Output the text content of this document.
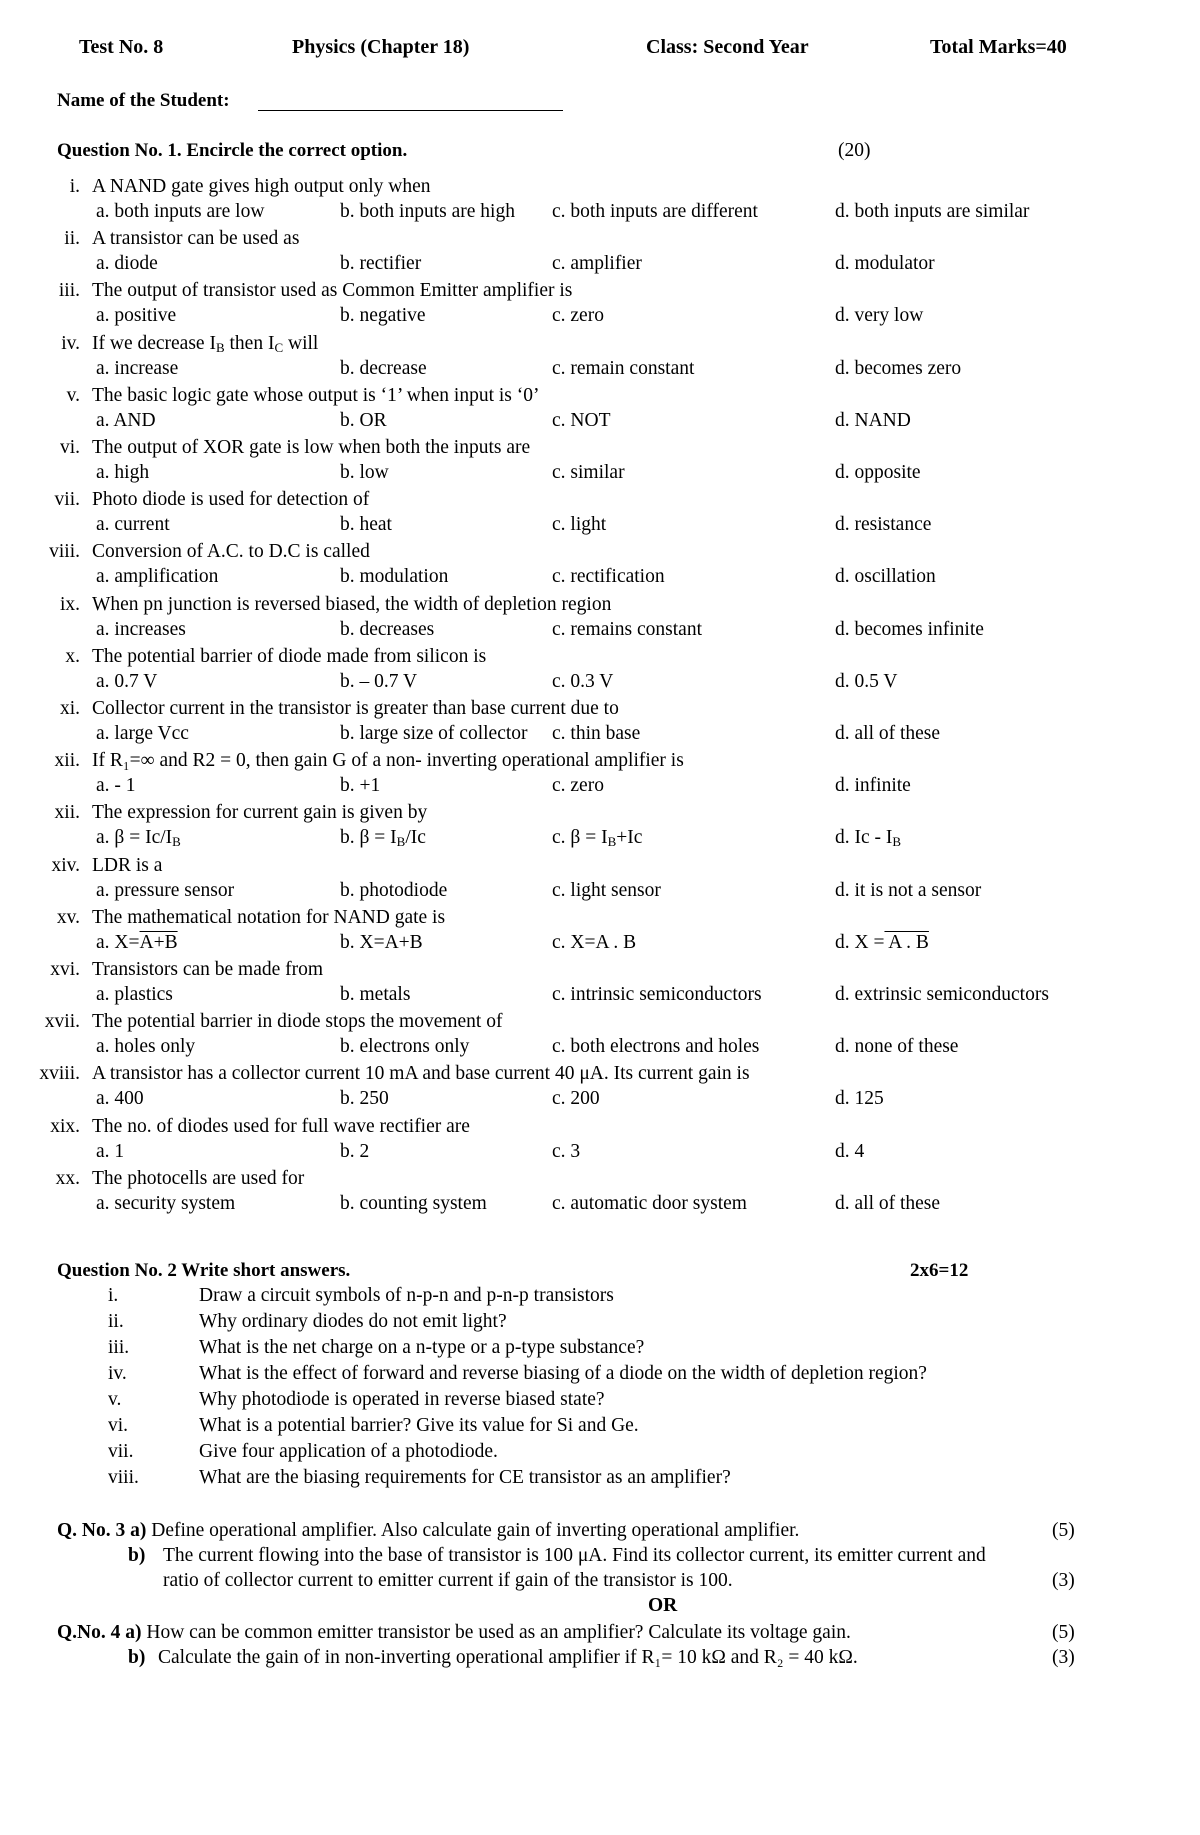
Test No. 8	Physics (Chapter 18)	Class: Second Year	Total Marks=40
Name of the Student:
Question No. 1. Encircle the correct option.	(20)
i. A NAND gate gives high output only when
a. both inputs are low	b. both inputs are high c. both inputs are different	d. both inputs are similar
ii. A transistor can be used as
a. diode	b. rectifier	c. amplifier	d. modulator
iii. The output of transistor used as Common Emitter amplifier is
a. positive	b. negative	c. zero	d. very low
iv. If we decrease $I_B$ then $I_C$ will
a. increase	b. decrease	c. remain constant	d. becomes zero
v. The basic logic gate whose output is ‘1’ when input is ‘0’
a. AND	b. OR	c. NOT	d. NAND
vi. The output of XOR gate is low when both the inputs are
a. high	b. low	c. similar	d. opposite
vii. Photo diode is used for detection of
a. current	b. heat	c. light	d. resistance
viii. Conversion of A.C. to D.C is called
a. amplification	b. modulation	c. rectification	d. oscillation
ix. When pn junction is reversed biased, the width of depletion region
a. increases	b. decreases	c. remains constant	d. becomes infinite
x. The potential barrier of diode made from silicon is
a. 0.7 V	b. – 0.7 V	c. 0.3 V	d. 0.5 V
xi. Collector current in the transistor is greater than base current due to
a. large Vcc	b. large size of collector c. thin base	d. all of these
xii. If R₁=∞ and R2 = 0, then gain G of a non- inverting operational amplifier is
a. - 1	b. +1	c. zero	d. infinite
xii. The expression for current gain is given by
a. $\beta = Ic/I_B$	b. $\beta = I_B/Ic$	c. $\beta = I_B+Ic$	d. Ic - $I_B$
xiv. LDR is a
a. pressure sensor	b. photodiode	c. light sensor	d. it is not a sensor
xv. The mathematical notation for NAND gate is
a. X=A+B	b. X=A+B	c. X=A . B	d. X = A . B
xvi. Transistors can be made from
a. plastics	b. metals	c. intrinsic semiconductors	d. extrinsic semiconductors
xvii. The potential barrier in diode stops the movement of
a. holes only	b. electrons only	c. both electrons and holes	d. none of these
xviii. A transistor has a collector current 10 mA and base current 40 μA. Its current gain is
a. 400	b. 250	c. 200	d. 125
xix. The no. of diodes used for full wave rectifier are
a. 1	b. 2	c. 3	d. 4
xx. The photocells are used for
a. security system	b. counting system	c. automatic door system	d. all of these
Question No. 2 Write short answers.	2x6=12
i.	Draw a circuit symbols of n-p-n and p-n-p transistors
ii.	Why ordinary diodes do not emit light?
iii.	What is the net charge on a n-type or a p-type substance?
iv.	What is the effect of forward and reverse biasing of a diode on the width of depletion region?
v.	Why photodiode is operated in reverse biased state?
vi.	What is a potential barrier? Give its value for Si and Ge.
vii.	Give four application of a photodiode.
viii.	What are the biasing requirements for CE transistor as an amplifier?
Q. No. 3 a) Define operational amplifier. Also calculate gain of inverting operational amplifier.	(5)
b) The current flowing into the base of transistor is 100 μA. Find its collector current, its emitter current and
ratio of collector current to emitter current if gain of the transistor is 100.	(3)
OR
Q.No. 4 a) How can be common emitter transistor be used as an amplifier? Calculate its voltage gain.	(5)
b) Calculate the gain of in non-inverting operational amplifier if R₁= 10 kΩ and R₂ = 40 kΩ.	(3)
